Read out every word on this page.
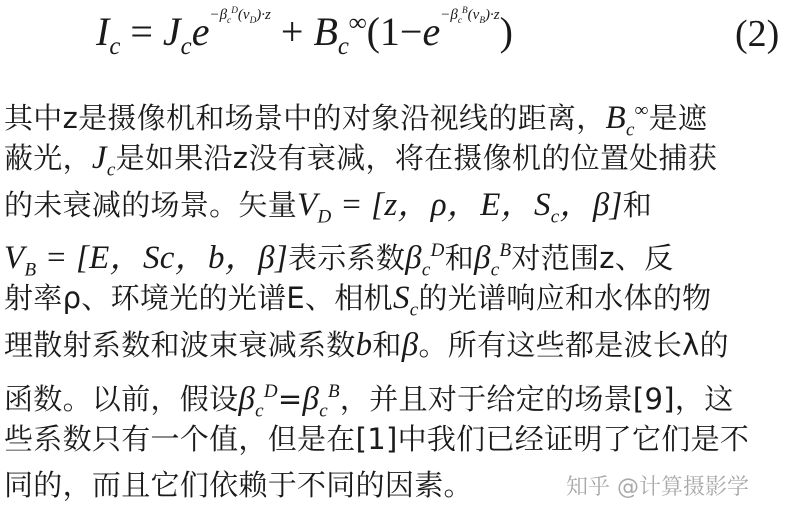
$I_c = J_ce^{-\beta_c^D(v_D)\cdot z} + B_c^\infty(1-e^{-\beta_c^B(v_B)\cdot z})$	(2)
其中z是摄像机和场景中的对象沿视线的距离，$B_c^\infty$是遮
蔽光，$J_c$是如果沿z没有衰减，将在摄像机的位置处捕获
的未衰减的场景。矢量$V_D = [z$，ρ，E，$S_c$，β]和
$V_B = [E$，Sc，b，β]表示系数$\beta_c^D$和$\beta_c^B$对范围z、反
射率ρ、环境光的光谱E、相机$S_c$的光谱响应和水体的物
理散射系数和波束衰减系数b和β。所有这些都是波长λ的
函数。以前，假设$\beta_c^D=\beta_c^B$，并且对于给定的场景[9]，这
些系数只有一个值，但是在[1]中我们已经证明了它们是不
同的，而且它们依赖于不同的因素。	知乎 @计算摄影学
